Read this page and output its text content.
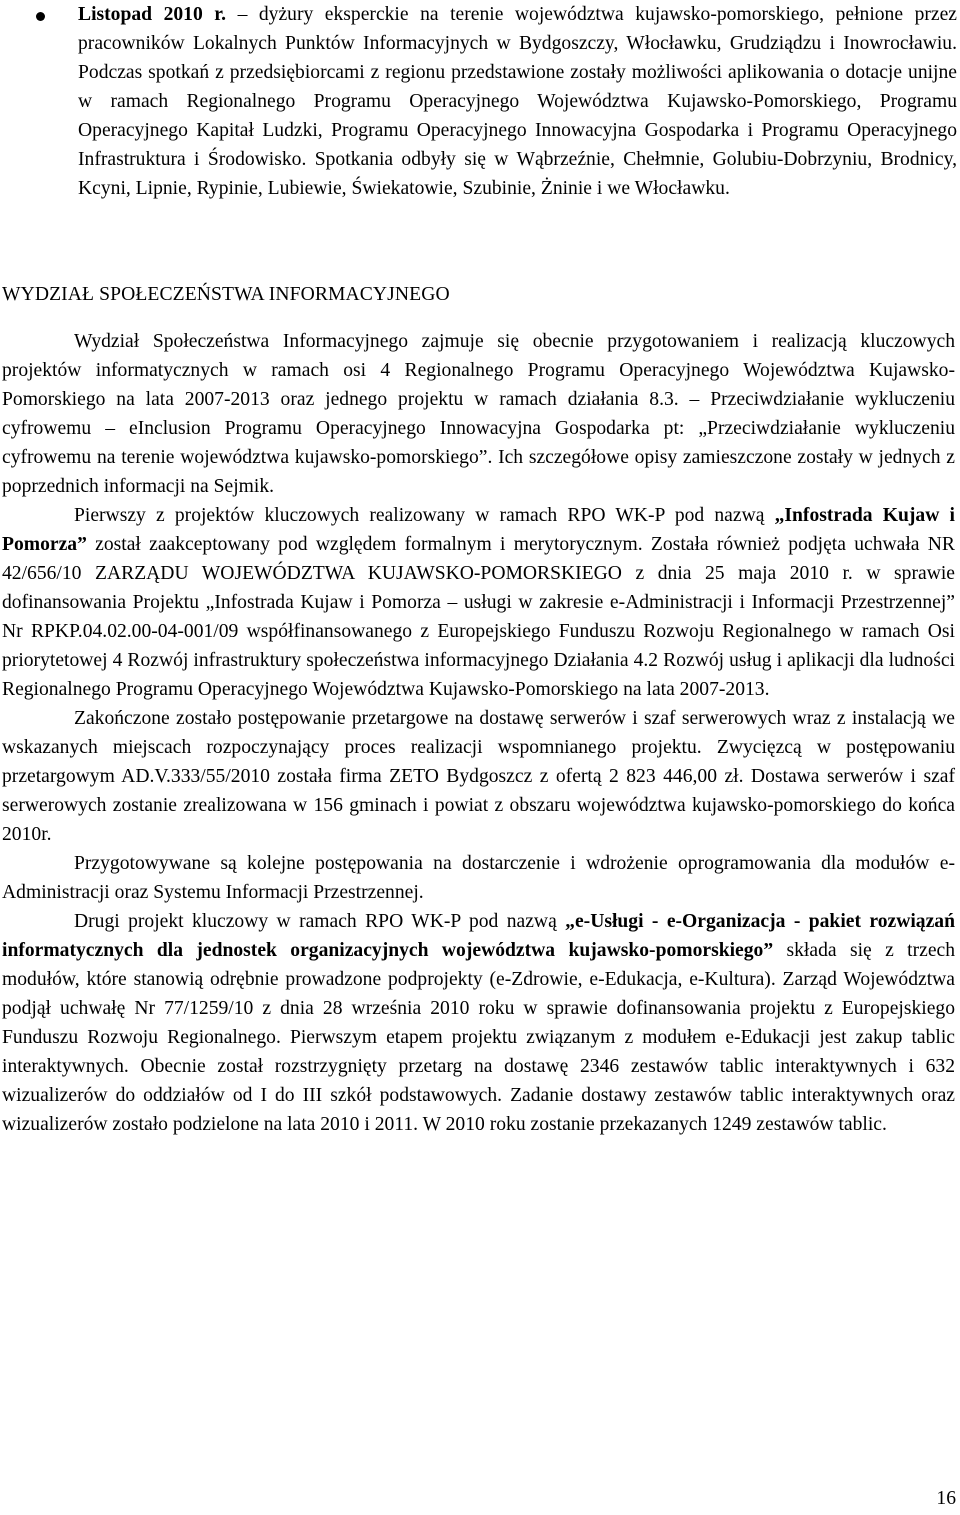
Listopad 2010 r. – dyżury eksperckie na terenie województwa kujawsko-pomorskiego, pełnione przez pracowników Lokalnych Punktów Informacyjnych w Bydgoszczy, Włocławku, Grudziądzu i Inowrocławiu. Podczas spotkań z przedsiębiorcami z regionu przedstawione zostały możliwości aplikowania o dotacje unijne w ramach Regionalnego Programu Operacyjnego Województwa Kujawsko-Pomorskiego, Programu Operacyjnego Kapitał Ludzki, Programu Operacyjnego Innowacyjna Gospodarka i Programu Operacyjnego Infrastruktura i Środowisko. Spotkania odbyły się w Wąbrzeźnie, Chełmnie, Golubiu-Dobrzyniu, Brodnicy, Kcyni, Lipnie, Rypinie, Lubiewie, Świekatowie, Szubinie, Żninie i we Włocławku.

WYDZIAŁ SPOŁECZEŃSTWA INFORMACYJNEGO

Wydział Społeczeństwa Informacyjnego zajmuje się obecnie przygotowaniem i realizacją kluczowych projektów informatycznych w ramach osi 4 Regionalnego Programu Operacyjnego Województwa Kujawsko-Pomorskiego na lata 2007-2013 oraz jednego projektu w ramach działania 8.3. – Przeciwdziałanie wykluczeniu cyfrowemu – eInclusion Programu Operacyjnego Innowacyjna Gospodarka pt: „Przeciwdziałanie wykluczeniu cyfrowemu na terenie województwa kujawsko-pomorskiego”. Ich szczegółowe opisy zamieszczone zostały w jednych z poprzednich informacji na Sejmik.

Pierwszy z projektów kluczowych realizowany w ramach RPO WK-P pod nazwą „Infostrada Kujaw i Pomorza” został zaakceptowany pod względem formalnym i merytorycznym. Została również podjęta uchwała NR 42/656/10 ZARZĄDU WOJEWÓDZTWA KUJAWSKO-POMORSKIEGO z dnia 25 maja 2010 r. w sprawie dofinansowania Projektu „Infostrada Kujaw i Pomorza – usługi w zakresie e-Administracji i Informacji Przestrzennej” Nr RPKP.04.02.00-04-001/09 współfinansowanego z Europejskiego Funduszu Rozwoju Regionalnego w ramach Osi priorytetowej 4 Rozwój infrastruktury społeczeństwa informacyjnego Działania 4.2 Rozwój usług i aplikacji dla ludności Regionalnego Programu Operacyjnego Województwa Kujawsko-Pomorskiego na lata 2007-2013.

Zakończone zostało postępowanie przetargowe na dostawę serwerów i szaf serwerowych wraz z instalacją we wskazanych miejscach rozpoczynający proces realizacji wspomnianego projektu. Zwycięzcą w postępowaniu przetargowym AD.V.333/55/2010 została firma ZETO Bydgoszcz z ofertą 2 823 446,00 zł. Dostawa serwerów i szaf serwerowych zostanie zrealizowana w 156 gminach i powiat z obszaru województwa kujawsko-pomorskiego do końca 2010r.

Przygotowywane są kolejne postępowania na dostarczenie i wdrożenie oprogramowania dla modułów e-Administracji oraz Systemu Informacji Przestrzennej.

Drugi projekt kluczowy w ramach RPO WK-P pod nazwą „e-Usługi - e-Organizacja - pakiet rozwiązań informatycznych dla jednostek organizacyjnych województwa kujawsko-pomorskiego” składa się z trzech modułów, które stanowią odrębnie prowadzone podprojekty (e-Zdrowie, e-Edukacja, e-Kultura). Zarząd Województwa podjął uchwałę Nr 77/1259/10 z dnia 28 września 2010 roku w sprawie dofinansowania projektu z Europejskiego Funduszu Rozwoju Regionalnego. Pierwszym etapem projektu związanym z modułem e-Edukacji jest zakup tablic interaktywnych. Obecnie został rozstrzygnięty przetarg na dostawę 2346 zestawów tablic interaktywnych i 632 wizualizerów do oddziałów od I do III szkół podstawowych. Zadanie dostawy zestawów tablic interaktywnych oraz wizualizerów zostało podzielone na lata 2010 i 2011. W 2010 roku zostanie przekazanych 1249 zestawów tablic.

16
